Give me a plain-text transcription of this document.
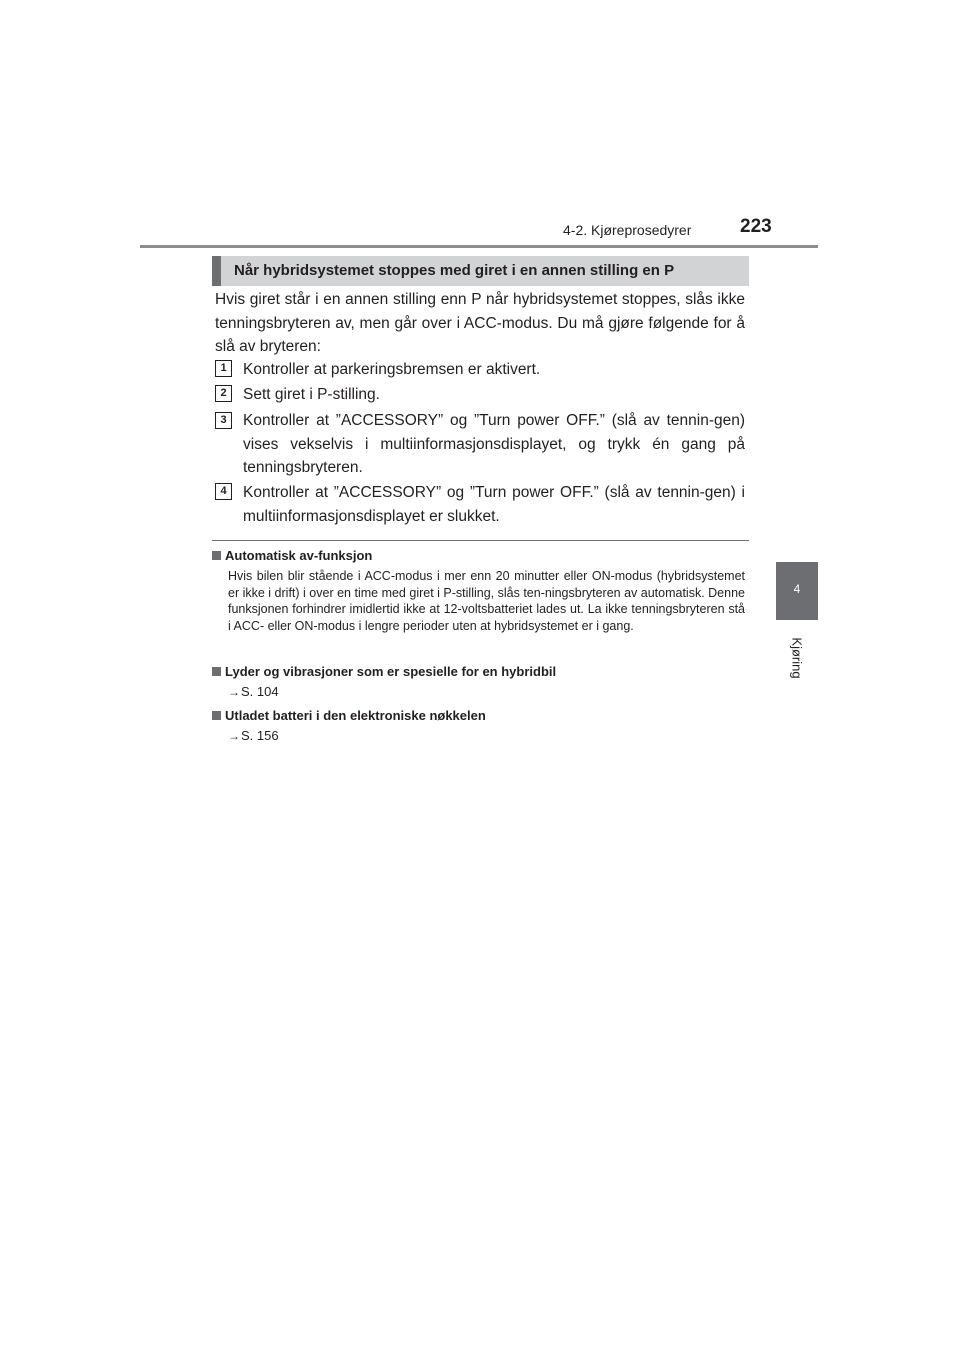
4-2. Kjøreprosedyrer	223
4
Kjøring
Når hybridsystemet stoppes med giret i en annen stilling en P
Hvis giret står i en annen stilling enn P når hybridsystemet stoppes, slås ikke tenningsbryteren av, men går over i ACC-modus. Du må gjøre følgende for å slå av bryteren:
1	Kontroller at parkeringsbremsen er aktivert.
2	Sett giret i P-stilling.
3	Kontroller at ”ACCESSORY” og ”Turn power OFF.” (slå av tennin-gen) vises vekselvis i multiinformasjonsdisplayet, og trykk én gang på tenningsbryteren.
4	Kontroller at ”ACCESSORY” og ”Turn power OFF.” (slå av tennin-gen) i multiinformasjonsdisplayet er slukket.
Automatisk av-funksjon
Hvis bilen blir stående i ACC-modus i mer enn 20 minutter eller ON-modus (hybridsystemet er ikke i drift) i over en time med giret i P-stilling, slås ten-ningsbryteren av automatisk. Denne funksjonen forhindrer imidlertid ikke at 12-voltsbatteriet lades ut. La ikke tenningsbryteren stå i ACC- eller ON-modus i lengre perioder uten at hybridsystemet er i gang.
Lyder og vibrasjoner som er spesielle for en hybridbil
→S. 104
Utladet batteri i den elektroniske nøkkelen
→S. 156
